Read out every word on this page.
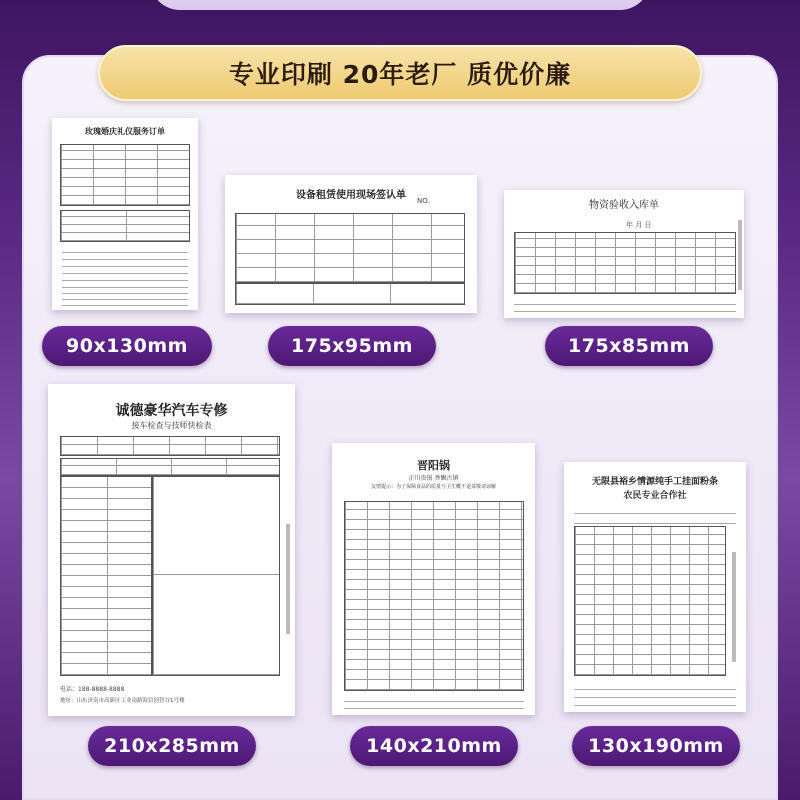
专业印刷 20年老厂 质优价廉
玫瑰婚庆礼仪服务订单
90x130mm
设备租赁使用现场签认单	NO.
175x95mm
物资验收入库单
年 月 日
175x85mm
诚德豪华汽车专修
接车检查与技师快检表
电话：188-8888-8888
地址：山东济南市高新区工业南路海信创智谷1号楼
210x285mm
晋阳锅
正川贵锅 香飘古镇
友情提示：为了保障食品的质量与卫生概不退菜敬请谅解
140x210mm
无限县裕乡情源纯手工挂面粉条
农民专业合作社
130x190mm
